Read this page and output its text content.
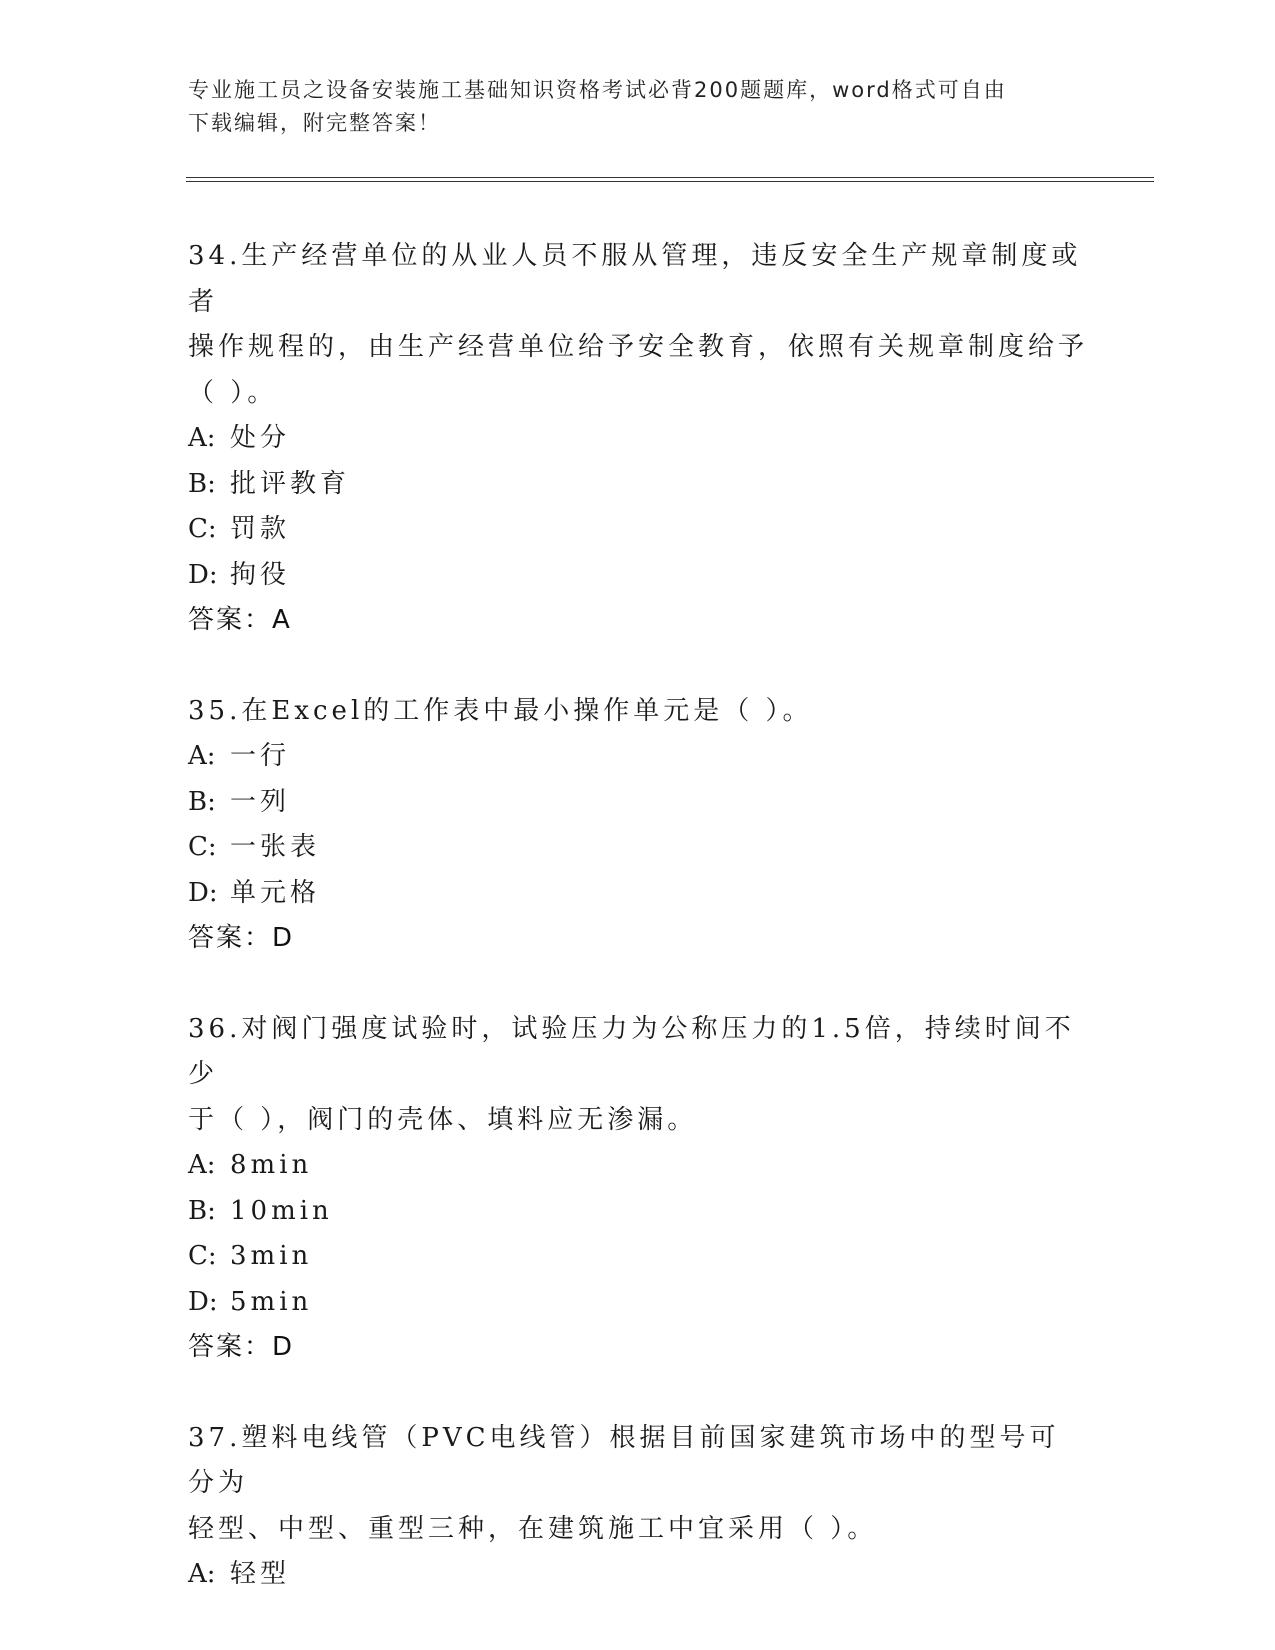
专业施工员之设备安装施工基础知识资格考试必背200题题库，word格式可自由
下载编辑，附完整答案！

34.生产经营单位的从业人员不服从管理，违反安全生产规章制度或者

操作规程的，由生产经营单位给予安全教育，依照有关规章制度给予

（ ）。

A: 处分

B: 批评教育

C: 罚款

D: 拘役

答案：A

35.在Excel的工作表中最小操作单元是（ ）。

A: 一行

B: 一列

C: 一张表

D: 单元格

答案：D

36.对阀门强度试验时，试验压力为公称压力的1.5倍，持续时间不少

于（ ），阀门的壳体、填料应无渗漏。

A: 8min

B: 10min

C: 3min

D: 5min

答案：D

37.塑料电线管（PVC电线管）根据目前国家建筑市场中的型号可分为

轻型、中型、重型三种，在建筑施工中宜采用（ ）。

A: 轻型
